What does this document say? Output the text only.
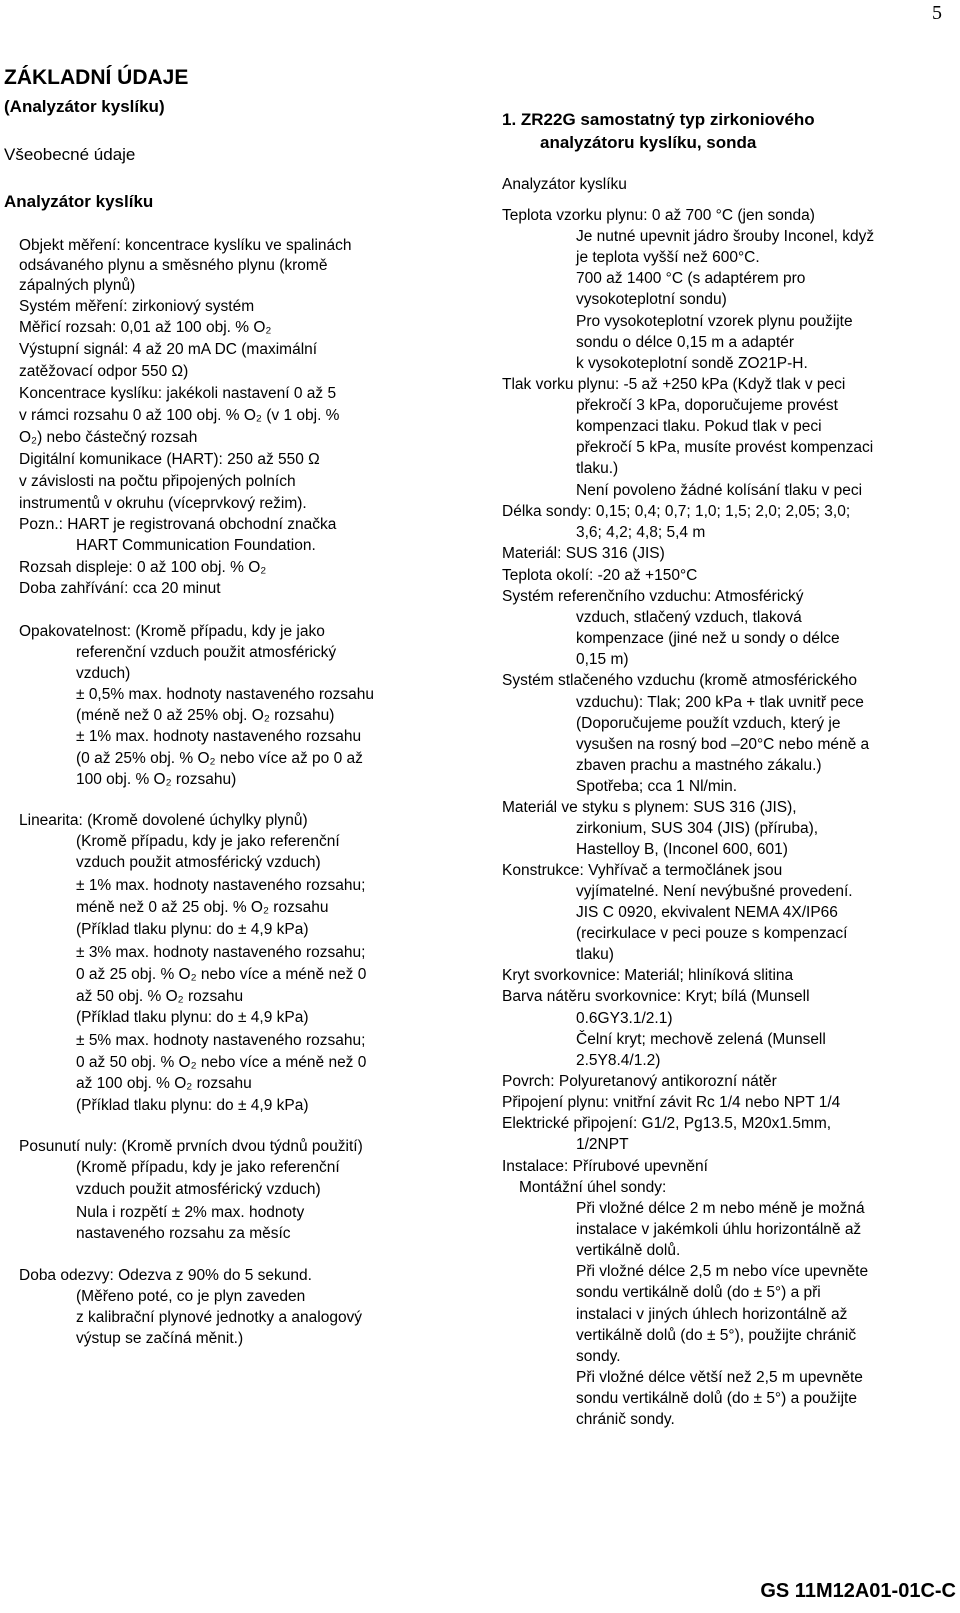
5
ZÁKLADNÍ ÚDAJE
(Analyzátor kyslíku)
Všeobecné údaje
Analyzátor kyslíku
Objekt měření: koncentrace kyslíku ve spalinách
odsávaného plynu a směsného plynu (kromě
zápalných plynů)
Systém měření: zirkoniový systém
Měřicí rozsah: 0,01 až 100 obj. % O₂
Výstupní signál: 4 až 20 mA DC (maximální
zatěžovací odpor 550 Ω)
Koncentrace kyslíku: jakékoli nastavení 0 až 5
v rámci rozsahu 0 až 100 obj. % O₂ (v 1 obj. %
O₂) nebo částečný rozsah
Digitální komunikace (HART): 250 až 550 Ω
v závislosti na počtu připojených polních
instrumentů v okruhu (víceprvkový režim).
Pozn.: HART je registrovaná obchodní značka
HART Communication Foundation.
Rozsah displeje: 0 až 100 obj. % O₂
Doba zahřívání: cca 20 minut
Opakovatelnost: (Kromě případu, kdy je jako
referenční vzduch použit atmosférický
vzduch)
± 0,5% max. hodnoty nastaveného rozsahu
(méně než 0 až 25% obj. O₂ rozsahu)
± 1% max. hodnoty nastaveného rozsahu
(0 až 25% obj. % O₂ nebo více až po 0 až
100 obj. % O₂ rozsahu)
Linearita: (Kromě dovolené úchylky plynů)
(Kromě případu, kdy je jako referenční
vzduch použit atmosférický vzduch)
± 1% max. hodnoty nastaveného rozsahu;
méně než 0 až 25 obj. % O₂ rozsahu
(Příklad tlaku plynu: do ± 4,9 kPa)
± 3% max. hodnoty nastaveného rozsahu;
0 až 25 obj. % O₂ nebo více a méně než 0
až 50 obj. % O₂ rozsahu
(Příklad tlaku plynu: do ± 4,9 kPa)
± 5% max. hodnoty nastaveného rozsahu;
0 až 50 obj. % O₂ nebo více a méně než 0
až 100 obj. % O₂ rozsahu
(Příklad tlaku plynu: do ± 4,9 kPa)
Posunutí nuly: (Kromě prvních dvou týdnů použití)
(Kromě případu, kdy je jako referenční
vzduch použit atmosférický vzduch)
Nula i rozpětí ± 2% max. hodnoty
nastaveného rozsahu za měsíc
Doba odezvy: Odezva z 90% do 5 sekund.
(Měřeno poté, co je plyn zaveden
z kalibrační plynové jednotky a analogový
výstup se začíná měnit.)
1. ZR22G samostatný typ zirkoniového
analyzátoru kyslíku, sonda
Analyzátor kyslíku
Teplota vzorku plynu: 0 až 700 °C (jen sonda)
Je nutné upevnit jádro šrouby Inconel, když
je teplota vyšší než 600°C.
700 až 1400 °C (s adaptérem pro
vysokoteplotní sondu)
Pro vysokoteplotní vzorek plynu použijte
sondu o délce 0,15 m a adaptér
k vysokoteplotní sondě ZO21P-H.
Tlak vorku plynu: -5 až +250 kPa (Když tlak v peci
překročí 3 kPa, doporučujeme provést
kompenzaci tlaku. Pokud tlak v peci
překročí 5 kPa, musíte provést kompenzaci
tlaku.)
Není povoleno žádné kolísání tlaku v peci
Délka sondy: 0,15; 0,4; 0,7; 1,0; 1,5; 2,0; 2,05; 3,0;
3,6; 4,2; 4,8; 5,4 m
Materiál: SUS 316 (JIS)
Teplota okolí: -20 až +150°C
Systém referenčního vzduchu: Atmosférický
vzduch, stlačený vzduch, tlaková
kompenzace (jiné než u sondy o délce
0,15 m)
Systém stlačeného vzduchu (kromě atmosférického
vzduchu): Tlak; 200 kPa + tlak uvnitř pece
(Doporučujeme použít vzduch, který je
vysušen na rosný bod –20°C nebo méně a
zbaven prachu a mastného zákalu.)
Spotřeba; cca 1 Nl/min.
Materiál ve styku s plynem: SUS 316 (JIS),
zirkonium, SUS 304 (JIS) (příruba),
Hastelloy B, (Inconel 600, 601)
Konstrukce: Vyhřívač a termočlánek jsou
vyjímatelné. Není nevýbušné provedení.
JIS C 0920, ekvivalent NEMA 4X/IP66
(recirkulace v peci pouze s kompenzací
tlaku)
Kryt svorkovnice: Materiál; hliníková slitina
Barva nátěru svorkovnice: Kryt; bílá (Munsell
0.6GY3.1/2.1)
Čelní kryt; mechově zelená (Munsell
2.5Y8.4/1.2)
Povrch: Polyuretanový antikorozní nátěr
Připojení plynu: vnitřní závit Rc 1/4 nebo NPT 1/4
Elektrické připojení: G1/2, Pg13.5, M20x1.5mm,
1/2NPT
Instalace: Přírubové upevnění
Montážní úhel sondy:
Při vložné délce 2 m nebo méně je možná
instalace v jakémkoli úhlu horizontálně až
vertikálně dolů.
Při vložné délce 2,5 m nebo více upevněte
sondu vertikálně dolů (do ± 5°) a při
instalaci v jiných úhlech horizontálně až
vertikálně dolů (do ± 5°), použijte chránič
sondy.
Při vložné délce větší než 2,5 m upevněte
sondu vertikálně dolů (do ± 5°) a použijte
chránič sondy.
GS 11M12A01-01C-C
